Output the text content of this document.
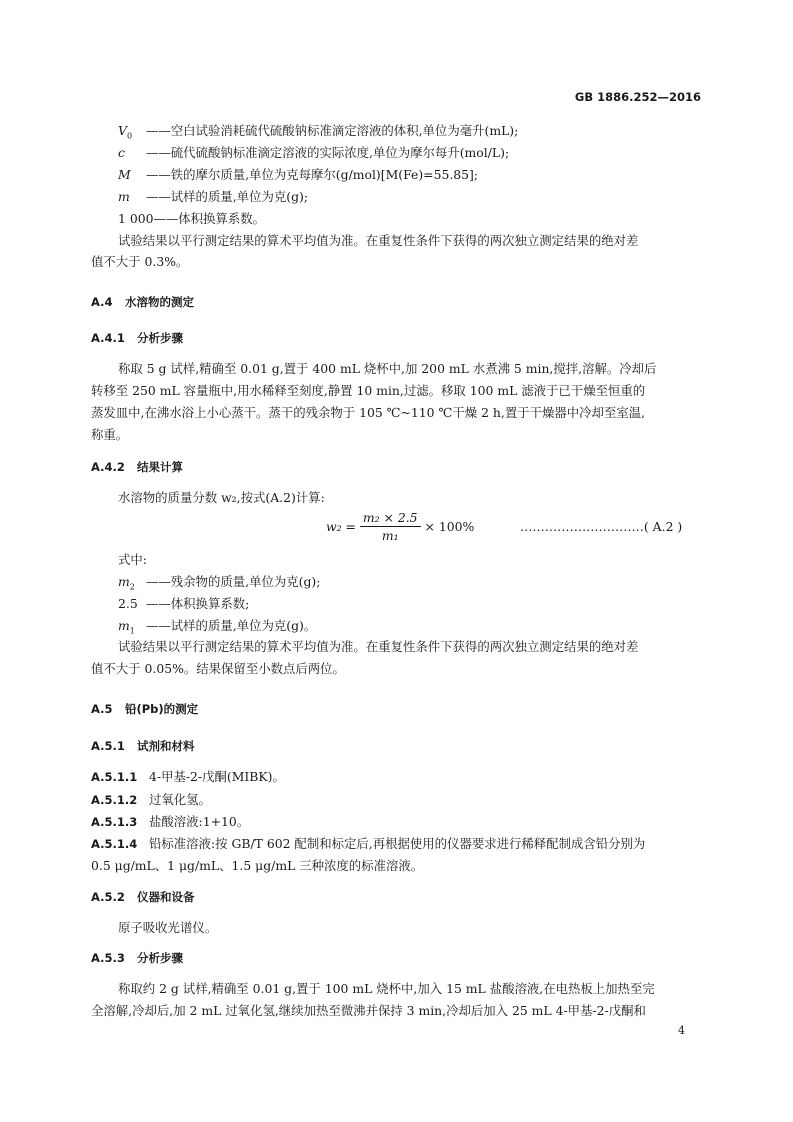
GB 1886.252—2016
$V_0$ ——空白试验消耗硫代硫酸钠标准滴定溶液的体积,单位为毫升(mL);
c ——硫代硫酸钠标准滴定溶液的实际浓度,单位为摩尔每升(mol/L);
M ——铁的摩尔质量,单位为克每摩尔(g/mol)[M(Fe)=55.85];
m ——试样的质量,单位为克(g);
1 000——体积换算系数。
试验结果以平行测定结果的算术平均值为准。在重复性条件下获得的两次独立测定结果的绝对差
值不大于 0.3%。
A.4 水溶物的测定
A.4.1 分析步骤
称取 5 g 试样,精确至 0.01 g,置于 400 mL 烧杯中,加 200 mL 水煮沸 5 min,搅拌,溶解。冷却后
转移至 250 mL 容量瓶中,用水稀释至刻度,静置 10 min,过滤。移取 100 mL 滤液于已干燥至恒重的
蒸发皿中,在沸水浴上小心蒸干。蒸干的残余物于 105 ℃~110 ℃干燥 2 h,置于干燥器中冷却至室温,
称重。
A.4.2 结果计算
水溶物的质量分数 w₂,按式(A.2)计算:
$w_2 = \frac{\text{m₂ × 2.5}}{\text{m₁}} \times 100\%$	…………………………( A.2 )
式中:
$m_2$ ——残余物的质量,单位为克(g);
2.5 ——体积换算系数;
$m_1$ ——试样的质量,单位为克(g)。
试验结果以平行测定结果的算术平均值为准。在重复性条件下获得的两次独立测定结果的绝对差
值不大于 0.05%。结果保留至小数点后两位。
A.5 铅(Pb)的测定
A.5.1 试剂和材料
A.5.1.1 4-甲基-2-戊酮(MIBK)。
A.5.1.2 过氧化氢。
A.5.1.3 盐酸溶液:1+10。
A.5.1.4 铅标准溶液:按 GB/T 602 配制和标定后,再根据使用的仪器要求进行稀释配制成含铅分别为
0.5 μg/mL、1 μg/mL、1.5 μg/mL 三种浓度的标准溶液。
A.5.2 仪器和设备
原子吸收光谱仪。
A.5.3 分析步骤
称取约 2 g 试样,精确至 0.01 g,置于 100 mL 烧杯中,加入 15 mL 盐酸溶液,在电热板上加热至完
全溶解,冷却后,加 2 mL 过氧化氢,继续加热至微沸并保持 3 min,冷却后加入 25 mL 4-甲基-2-戊酮和
4
